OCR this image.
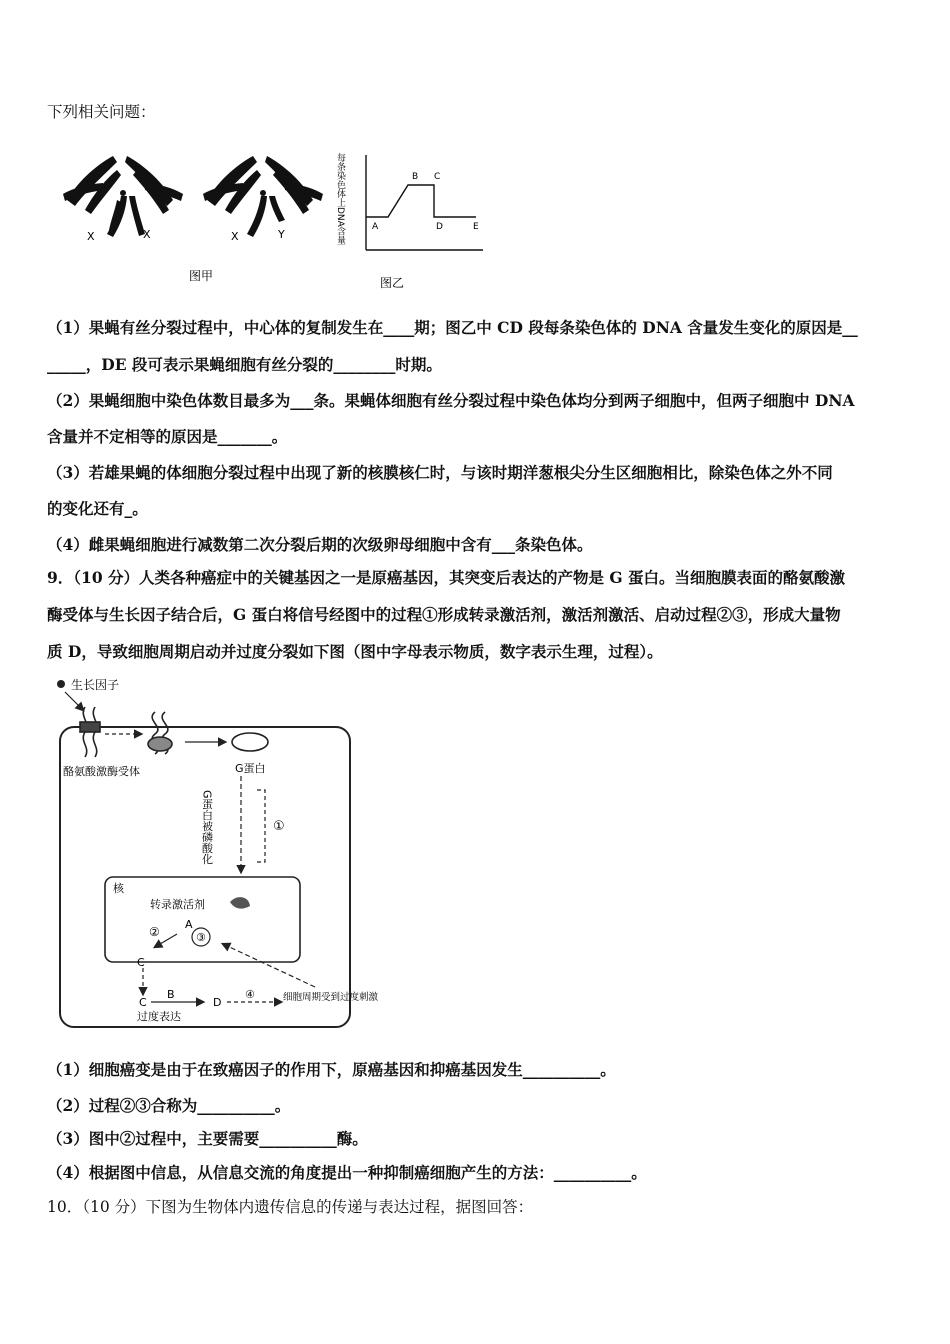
下列相关问题：
X	X	X	Y
图甲
每条染色体上DNA含量	A
B C
D	E
图乙
（1）果蝇有丝分裂过程中，中心体的复制发生在____期；图乙中 CD 段每条染色体的 DNA 含量发生变化的原因是__
_____，DE 段可表示果蝇细胞有丝分裂的________时期。
（2）果蝇细胞中染色体数目最多为___条。果蝇体细胞有丝分裂过程中染色体均分到两子细胞中，但两子细胞中 DNA
含量并不定相等的原因是_______。
（3）若雄果蝇的体细胞分裂过程中出现了新的核膜核仁时，与该时期洋葱根尖分生区细胞相比，除染色体之外不同
的变化还有_。
（4）雌果蝇细胞进行减数第二次分裂后期的次级卵母细胞中含有___条染色体。
9．（10 分）人类各种癌症中的关键基因之一是原癌基因，其突变后表达的产物是 G 蛋白。当细胞膜表面的酪氨酸激
酶受体与生长因子结合后，G 蛋白将信号经图中的过程①形成转录激活剂，激活剂激活、启动过程②③，形成大量物
质 D，导致细胞周期启动并过度分裂如下图（图中字母表示物质，数字表示生理，过程）。
生长因子
酪氨酸激酶受体	G蛋白
G蛋白被磷酸化	①
核
转录激活剂
A
③
②
C
C
B
过度表达
D
④	细胞周期受到过度刺激
（1）细胞癌变是由于在致癌因子的作用下，原癌基因和抑癌基因发生__________。
（2）过程②③合称为__________。
（3）图中②过程中，主要需要__________酶。
（4）根据图中信息，从信息交流的角度提出一种抑制癌细胞产生的方法：__________。
10．（10 分）下图为生物体内遗传信息的传递与表达过程，据图回答：
